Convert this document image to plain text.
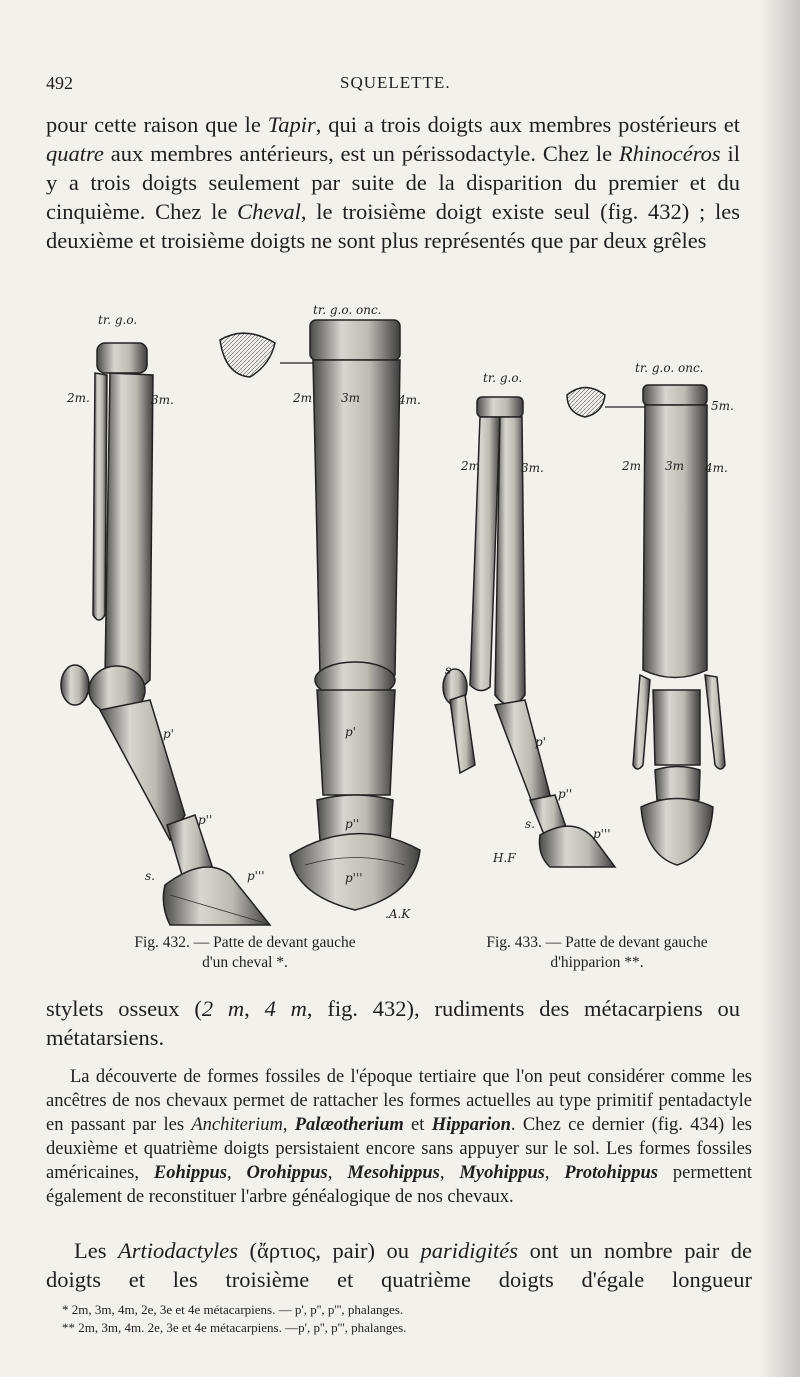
492	SQUELETTE.

pour cette raison que le Tapir, qui a trois doigts aux membres postérieurs et quatre aux membres antérieurs, est un périssodactyle. Chez le Rhinocéros il y a trois doigts seulement par suite de la disparition du premier et du cinquième. Chez le Cheval, le troisième doigt existe seul (fig. 432) ; les deuxième et troisième doigts ne sont plus représentés que par deux grêles

tr. g.o.
tr. g.o. onc.
2m.	3m.	2m. 3m	4m.
p'
p''
s.	p'''
p'
p''
p'''
.A.K
tr. g.o.
tr. g.o. onc.
2m	3m.	2m 3m 4m.
5m.
s
p'
p''
s.
p'''
H.F
Fig. 432. — Patte de devant gauche
d'un cheval *.
Fig. 433. — Patte de devant gauche
d'hipparion **.

stylets osseux (2 m, 4 m, fig. 432), rudiments des métacarpiens ou métatarsiens.

La découverte de formes fossiles de l'époque tertiaire que l'on peut considérer comme les ancêtres de nos chevaux permet de rattacher les formes actuelles au type primitif pentadactyle en passant par les Anchiterium, Palæotherium et Hipparion. Chez ce dernier (fig. 434) les deuxième et quatrième doigts persistaient encore sans appuyer sur le sol. Les formes fossiles américaines, Eohippus, Orohippus, Mesohippus, Myohippus, Protohippus permettent également de reconstituer l'arbre généalogique de nos chevaux.

Les Artiodactyles (ἄρτιος, pair) ou paridigités ont un nombre pair de doigts et les troisième et quatrième doigts d'égale longueur

* 2m, 3m, 4m, 2e, 3e et 4e métacarpiens. — p', p'', p''', phalanges.
** 2m, 3m, 4m. 2e, 3e et 4e métacarpiens. —p', p'', p''', phalanges.
